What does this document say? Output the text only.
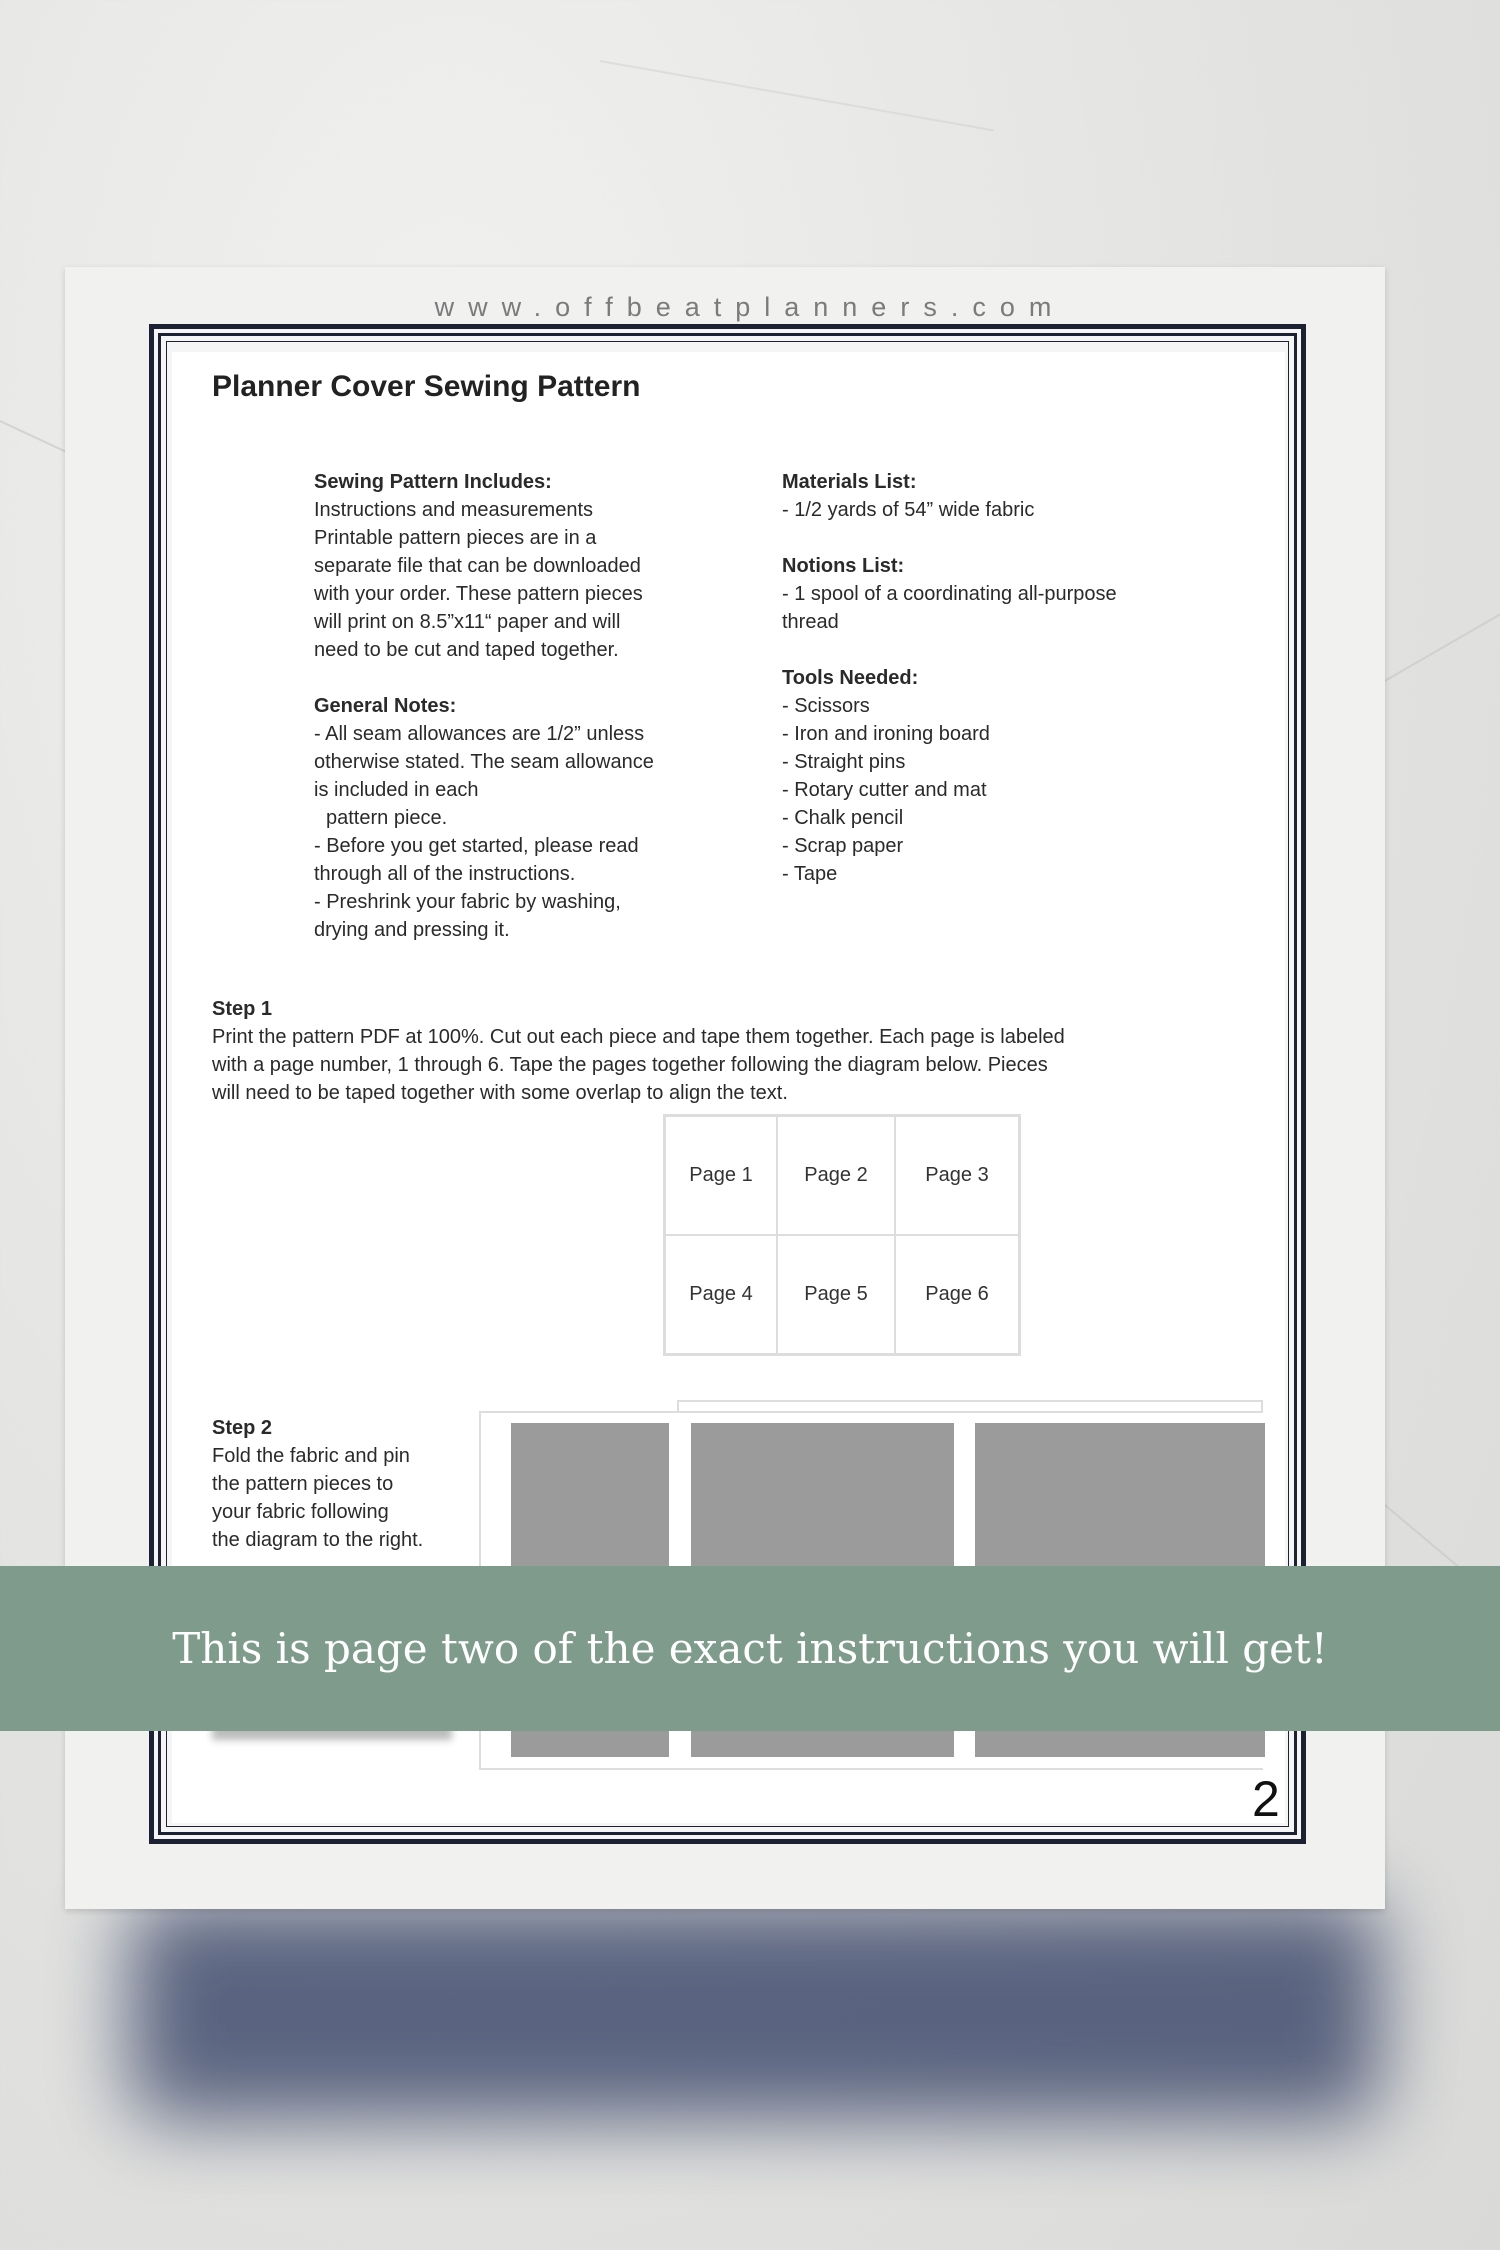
www.offbeatplanners.com
Planner Cover Sewing Pattern
Sewing Pattern Includes:
Instructions and measurements
Printable pattern pieces are in a
separate file that can be downloaded
with your order. These pattern pieces
will print on 8.5”x11“ paper and will
need to be cut and taped together.
General Notes:
- All seam allowances are 1/2” unless
otherwise stated. The seam allowance
is included in each
pattern piece.
- Before you get started, please read
through all of the instructions.
- Preshrink your fabric by washing,
drying and pressing it.
Materials List:
- 1/2 yards of 54” wide fabric
Notions List:
- 1 spool of a coordinating all-purpose
thread
Tools Needed:
- Scissors
- Iron and ironing board
- Straight pins
- Rotary cutter and mat
- Chalk pencil
- Scrap paper
- Tape
Step 1
Print the pattern PDF at 100%. Cut out each piece and tape them together. Each page is labeled
with a page number, 1 through 6. Tape the pages together following the diagram below. Pieces
will need to be taped together with some overlap to align the text.
Page 1	Page 2	Page 3
Page 4	Page 5	Page 6
Step 2
Fold the fabric and pin
the pattern pieces to
your fabric following
the diagram to the right.
2
This is page two of the exact instructions you will get!
